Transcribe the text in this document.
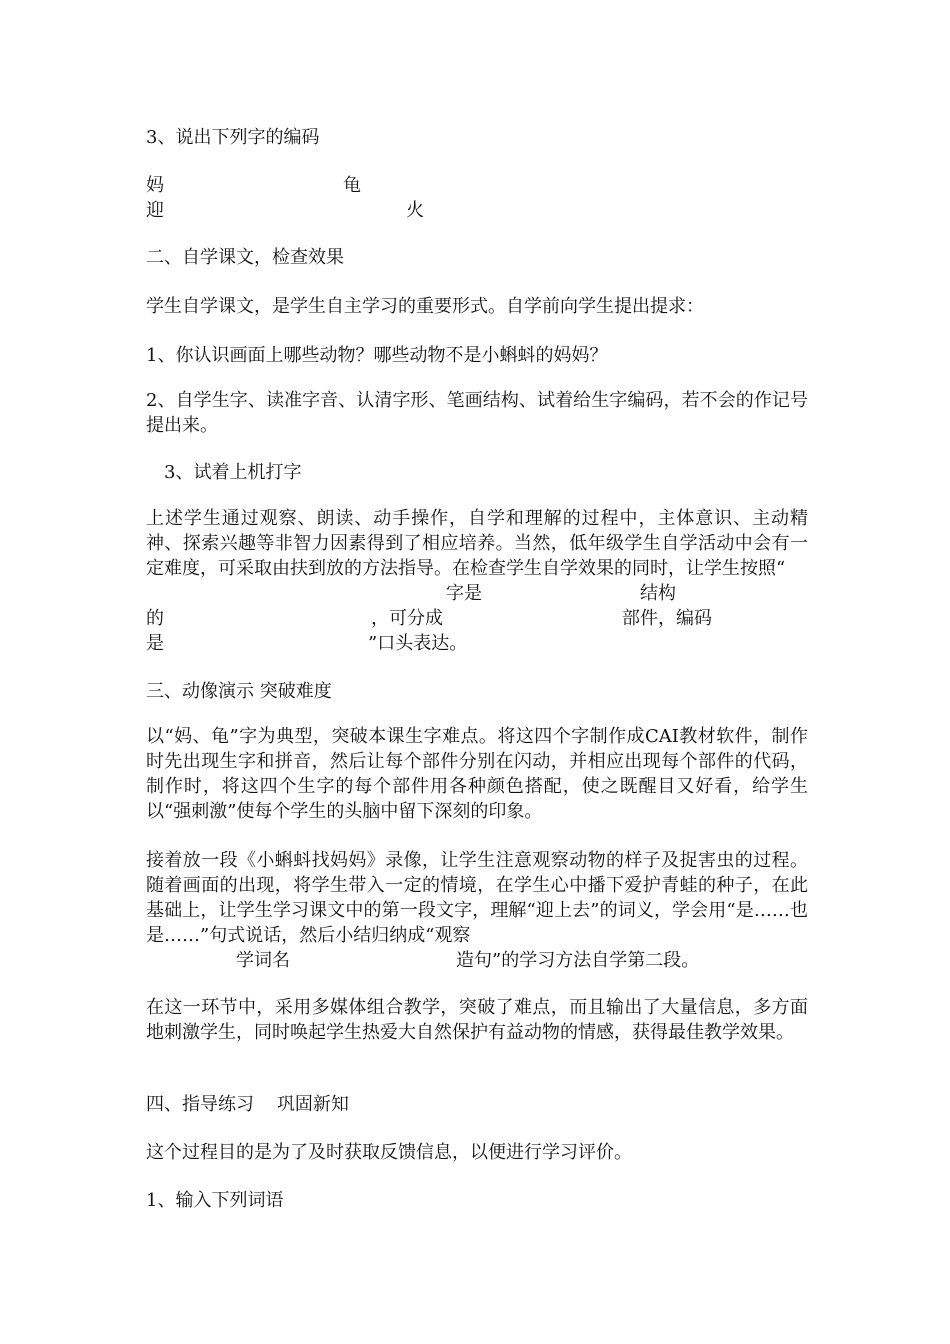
3、说出下列字的编码
妈	龟
迎	火
二、自学课文，检查效果
学生自学课文，是学生自主学习的重要形式。自学前向学生提出提求：
1、你认识画面上哪些动物？哪些动物不是小蝌蚪的妈妈？
2、自学生字、读准字音、认清字形、笔画结构、试着给生字编码，若不会的作记号提出来。
3、试着上机打字
上述学生通过观察、朗读、动手操作，自学和理解的过程中，主体意识、主动精神、探索兴趣等非智力因素得到了相应培养。当然，低年级学生自学活动中会有一定难度，可采取由扶到放的方法指导。在检查学生自学效果的同时，让学生按照“
字是	结构
的	，可分成	部件，编码
是	”口头表达。
三、动像演示 突破难度
以“妈、龟”字为典型，突破本课生字难点。将这四个字制作成CAI教材软件，制作时先出现生字和拼音，然后让每个部件分别在闪动，并相应出现每个部件的代码，制作时，将这四个生字的每个部件用各种颜色搭配，使之既醒目又好看，给学生以“强刺激”使每个学生的头脑中留下深刻的印象。
接着放一段《小蝌蚪找妈妈》录像，让学生注意观察动物的样子及捉害虫的过程。随着画面的出现，将学生带入一定的情境，在学生心中播下爱护青蛙的种子，在此基础上，让学生学习课文中的第一段文字，理解“迎上去”的词义，学会用“是……也是……”句式说话，然后小结归纳成“观察
学词名	造句”的学习方法自学第二段。
在这一环节中，采用多媒体组合教学，突破了难点，而且输出了大量信息，多方面地刺激学生，同时唤起学生热爱大自然保护有益动物的情感，获得最佳教学效果。
四、指导练习    巩固新知
这个过程目的是为了及时获取反馈信息，以便进行学习评价。
1、输入下列词语
